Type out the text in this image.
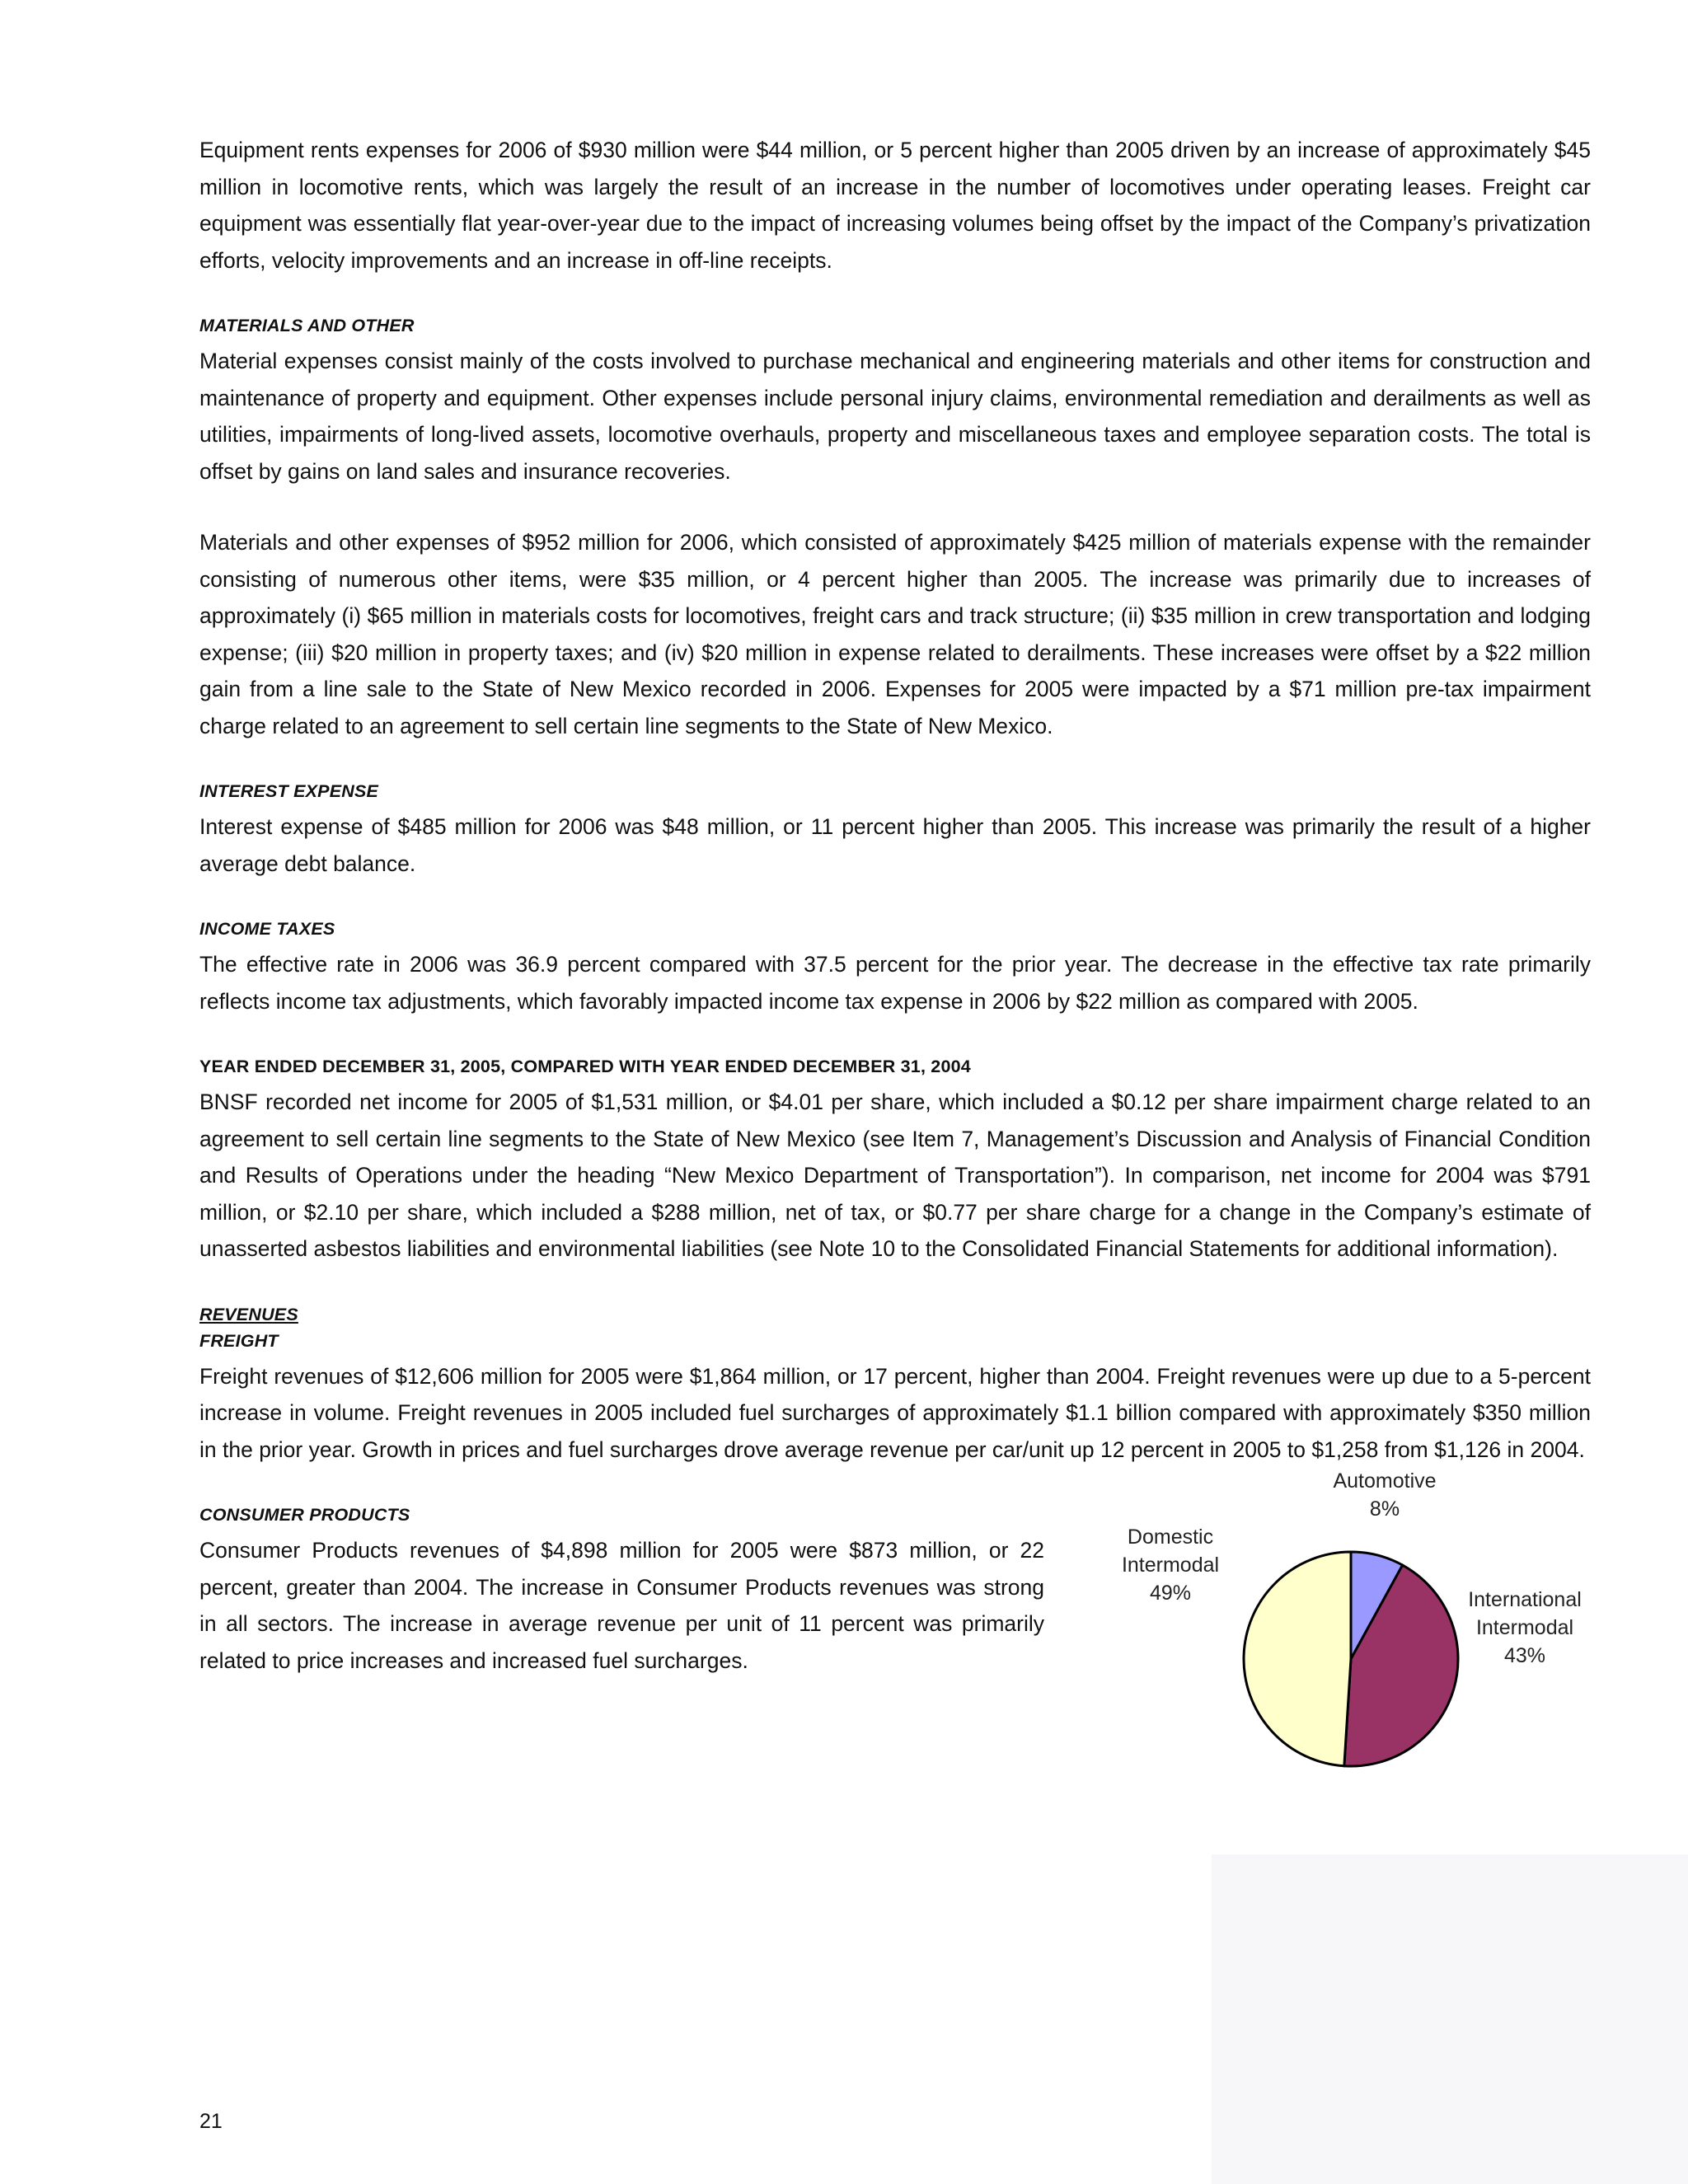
Equipment rents expenses for 2006 of $930 million were $44 million, or 5 percent higher than 2005 driven by an increase of approximately $45 million in locomotive rents, which was largely the result of an increase in the number of locomotives under operating leases. Freight car equipment was essentially flat year-over-year due to the impact of increasing volumes being offset by the impact of the Company’s privatization efforts, velocity improvements and an increase in off-line receipts.

MATERIALS AND OTHER

Material expenses consist mainly of the costs involved to purchase mechanical and engineering materials and other items for construction and maintenance of property and equipment. Other expenses include personal injury claims, environmental remediation and derailments as well as utilities, impairments of long-lived assets, locomotive overhauls, property and miscellaneous taxes and employee separation costs. The total is offset by gains on land sales and insurance recoveries.

Materials and other expenses of $952 million for 2006, which consisted of approximately $425 million of materials expense with the remainder consisting of numerous other items, were $35 million, or 4 percent higher than 2005. The increase was primarily due to increases of approximately (i) $65 million in materials costs for locomotives, freight cars and track structure; (ii) $35 million in crew transportation and lodging expense; (iii) $20 million in property taxes; and (iv) $20 million in expense related to derailments. These increases were offset by a $22 million gain from a line sale to the State of New Mexico recorded in 2006. Expenses for 2005 were impacted by a $71 million pre-tax impairment charge related to an agreement to sell certain line segments to the State of New Mexico.

INTEREST EXPENSE

Interest expense of $485 million for 2006 was $48 million, or 11 percent higher than 2005. This increase was primarily the result of a higher average debt balance.

INCOME TAXES

The effective rate in 2006 was 36.9 percent compared with 37.5 percent for the prior year. The decrease in the effective tax rate primarily reflects income tax adjustments, which favorably impacted income tax expense in 2006 by $22 million as compared with 2005.

YEAR ENDED DECEMBER 31, 2005, COMPARED WITH YEAR ENDED DECEMBER 31, 2004

BNSF recorded net income for 2005 of $1,531 million, or $4.01 per share, which included a $0.12 per share impairment charge related to an agreement to sell certain line segments to the State of New Mexico (see Item 7, Management’s Discussion and Analysis of Financial Condition and Results of Operations under the heading “New Mexico Department of Transportation”). In comparison, net income for 2004 was $791 million, or $2.10 per share, which included a $288 million, net of tax, or $0.77 per share charge for a change in the Company’s estimate of unasserted asbestos liabilities and environmental liabilities (see Note 10 to the Consolidated Financial Statements for additional information).

REVENUES
FREIGHT

Freight revenues of $12,606 million for 2005 were $1,864 million, or 17 percent, higher than 2004. Freight revenues were up due to a 5-percent increase in volume. Freight revenues in 2005 included fuel surcharges of approximately $1.1 billion compared with approximately $350 million in the prior year. Growth in prices and fuel surcharges drove average revenue per car/unit up 12 percent in 2005 to $1,258 from $1,126 in 2004.

CONSUMER PRODUCTS

Consumer Products revenues of $4,898 million for 2005 were $873 million, or 22 percent, greater than 2004. The increase in Consumer Products revenues was strong in all sectors. The increase in average revenue per unit of 11 percent was primarily related to price increases and increased fuel surcharges.

Automotive 8%
International Intermodal 43%
Domestic Intermodal 49%
21
